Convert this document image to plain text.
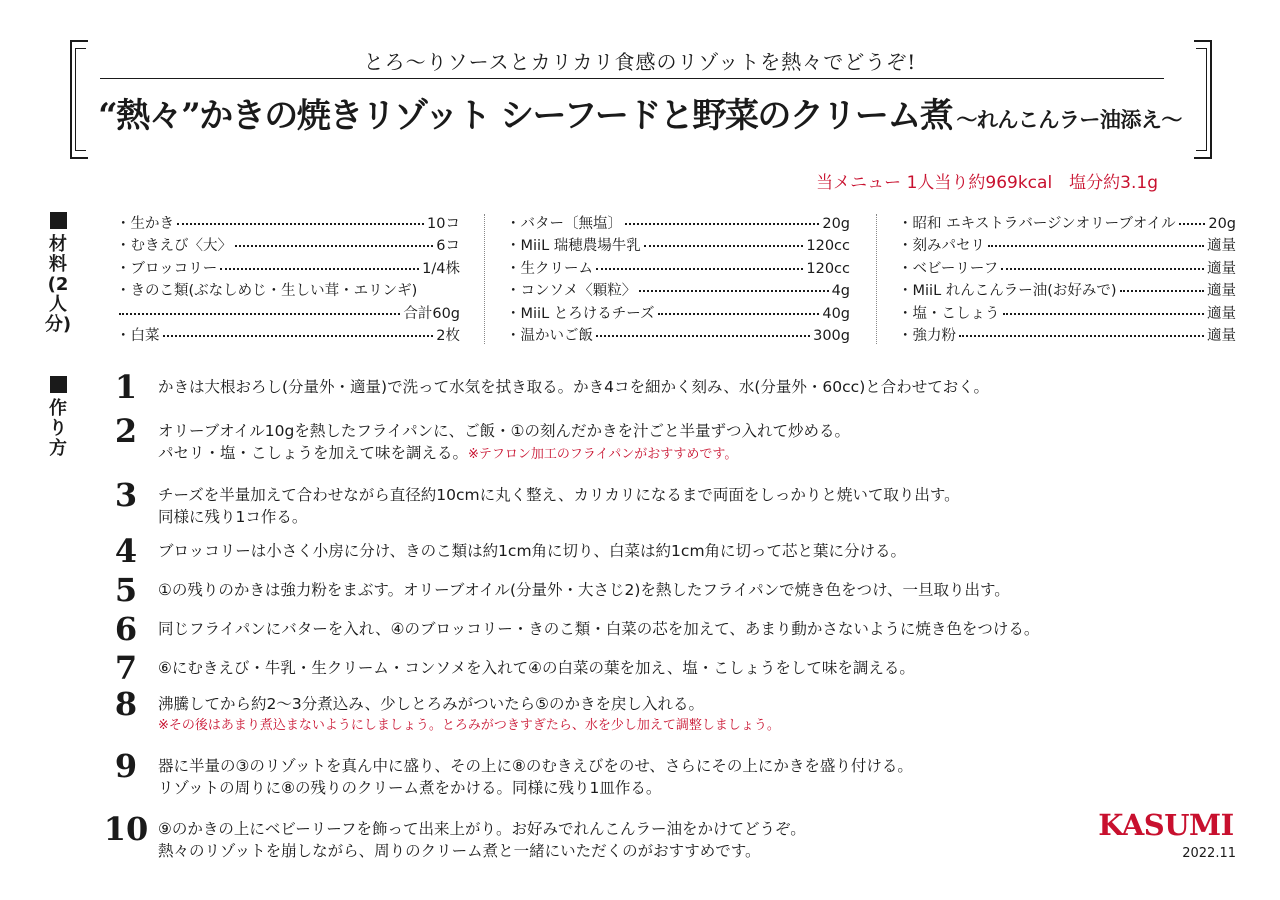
とろ〜りソースとカリカリ食感のリゾットを熱々でどうぞ!
“熱々”かきの焼きリゾット シーフードと野菜のクリーム煮 〜れんこんラー油添え〜
当メニュー 1人当り約969kcal　塩分約3.1g
材料(2人分)
作り方
・生かき	10コ
・むきえび〈大〉	6コ
・ブロッコリー	1/4株
・きのこ類(ぶなしめじ・生しい茸・エリンギ)
合計60g
・白菜	2枚
・バター〔無塩〕	20g
・MiiL 瑞穂農場牛乳	120cc
・生クリーム	120cc
・コンソメ〈顆粒〉	4g
・MiiL とろけるチーズ	40g
・温かいご飯	300g
・昭和 エキストラバージンオリーブオイル 20g
・刻みパセリ	適量
・ベビーリーフ	適量
・MiiL れんこんラー油(お好みで)	適量
・塩・こしょう	適量
・強力粉	適量
1	かきは大根おろし(分量外・適量)で洗って水気を拭き取る。かき4コを細かく刻み、水(分量外・60cc)と合わせておく。
2	オリーブオイル10gを熱したフライパンに、ご飯・①の刻んだかきを汁ごと半量ずつ入れて炒める。
パセリ・塩・こしょうを加えて味を調える。※テフロン加工のフライパンがおすすめです。
3	チーズを半量加えて合わせながら直径約10cmに丸く整え、カリカリになるまで両面をしっかりと焼いて取り出す。
同様に残り1コ作る。
4	ブロッコリーは小さく小房に分け、きのこ類は約1cm角に切り、白菜は約1cm角に切って芯と葉に分ける。
5	①の残りのかきは強力粉をまぶす。オリーブオイル(分量外・大さじ2)を熱したフライパンで焼き色をつけ、一旦取り出す。
6	同じフライパンにバターを入れ、④のブロッコリー・きのこ類・白菜の芯を加えて、あまり動かさないように焼き色をつける。
7	⑥にむきえび・牛乳・生クリーム・コンソメを入れて④の白菜の葉を加え、塩・こしょうをして味を調える。
8	沸騰してから約2〜3分煮込み、少しとろみがついたら⑤のかきを戻し入れる。
※その後はあまり煮込まないようにしましょう。とろみがつきすぎたら、水を少し加えて調整しましょう。
9	器に半量の③のリゾットを真ん中に盛り、その上に⑧のむきえびをのせ、さらにその上にかきを盛り付ける。
リゾットの周りに⑧の残りのクリーム煮をかける。同様に残り1皿作る。
10 ⑨のかきの上にベビーリーフを飾って出来上がり。お好みでれんこんラー油をかけてどうぞ。
熱々のリゾットを崩しながら、周りのクリーム煮と一緒にいただくのがおすすめです。
KASUMI
2022.11
